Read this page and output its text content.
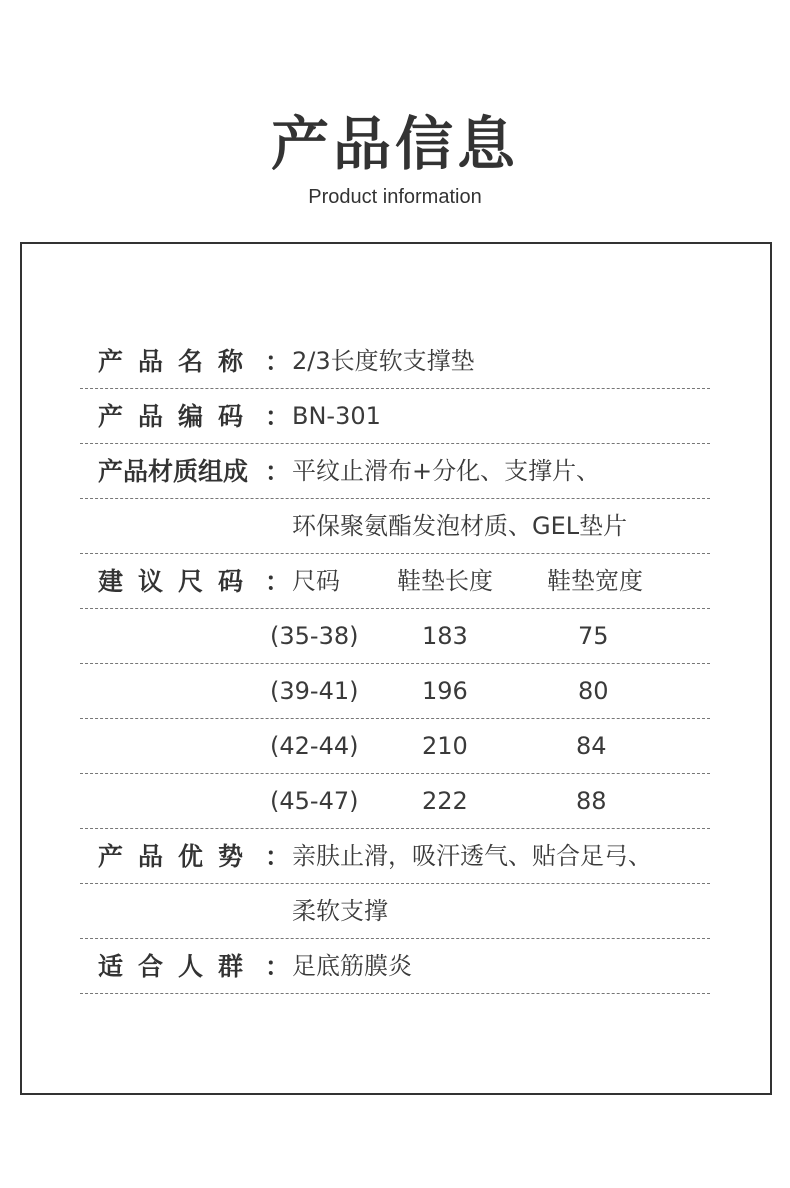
产品信息
Product information
产品名称 ： 2/3长度软支撑垫
产品编码 ： BN-301
产品材质组成 ： 平纹止滑布+分化、支撑片、
环保聚氨酯发泡材质、GEL垫片
建议尺码 ： 尺码 鞋垫长度 鞋垫宽度
(35-38)	183	75
(39-41)	196	80
(42-44)	210	84
(45-47)	222	88
产品优势 ： 亲肤止滑，吸汗透气、贴合足弓、
柔软支撑
适合人群 ： 足底筋膜炎
